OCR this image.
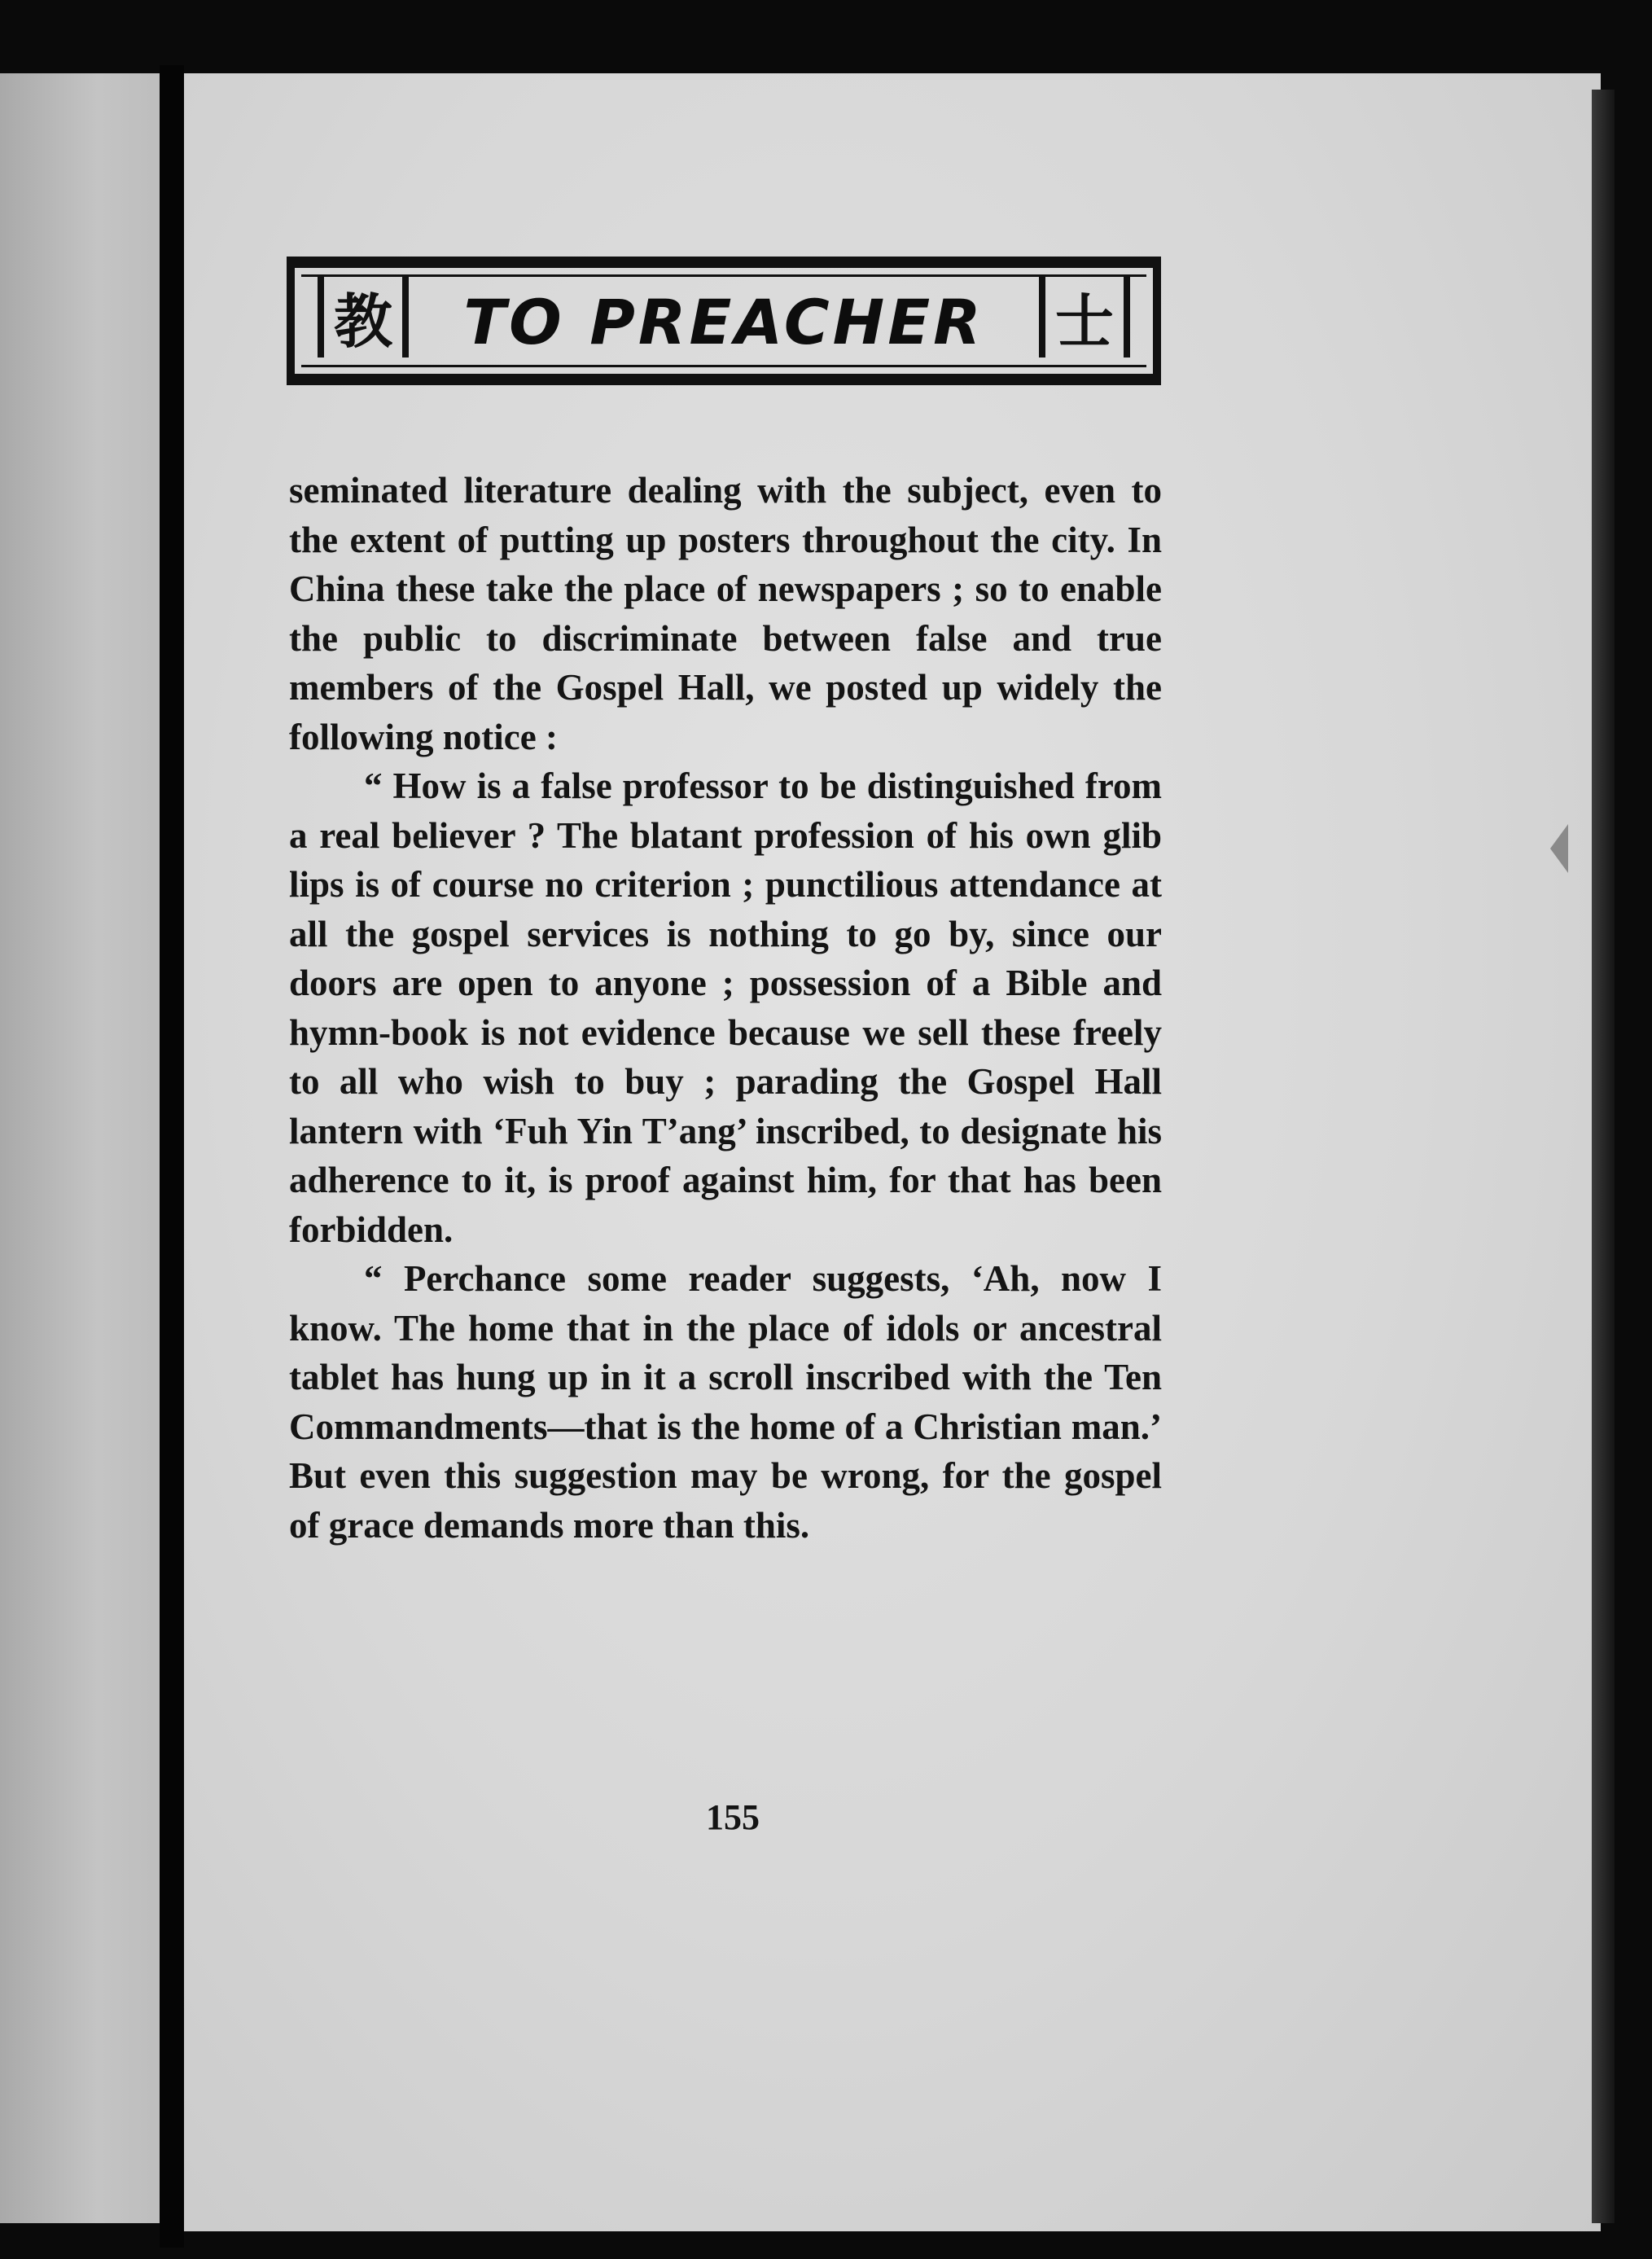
教	TO PREACHER	士

seminated literature dealing with the subject, even to the extent of putting up posters throughout the city. In China these take the place of newspapers ; so to enable the public to discriminate between false and true members of the Gospel Hall, we posted up widely the following notice :

“ How is a false professor to be distinguished from a real believer ? The blatant profession of his own glib lips is of course no criterion ; punctilious attendance at all the gospel services is nothing to go by, since our doors are open to anyone ; possession of a Bible and hymn-book is not evidence because we sell these freely to all who wish to buy ; parading the Gospel Hall lantern with ‘Fuh Yin T’ang’ inscribed, to designate his adherence to it, is proof against him, for that has been forbidden.

“ Perchance some reader suggests, ‘Ah, now I know. The home that in the place of idols or ancestral tablet has hung up in it a scroll inscribed with the Ten Commandments—that is the home of a Christian man.’ But even this suggestion may be wrong, for the gospel of grace demands more than this.

155
